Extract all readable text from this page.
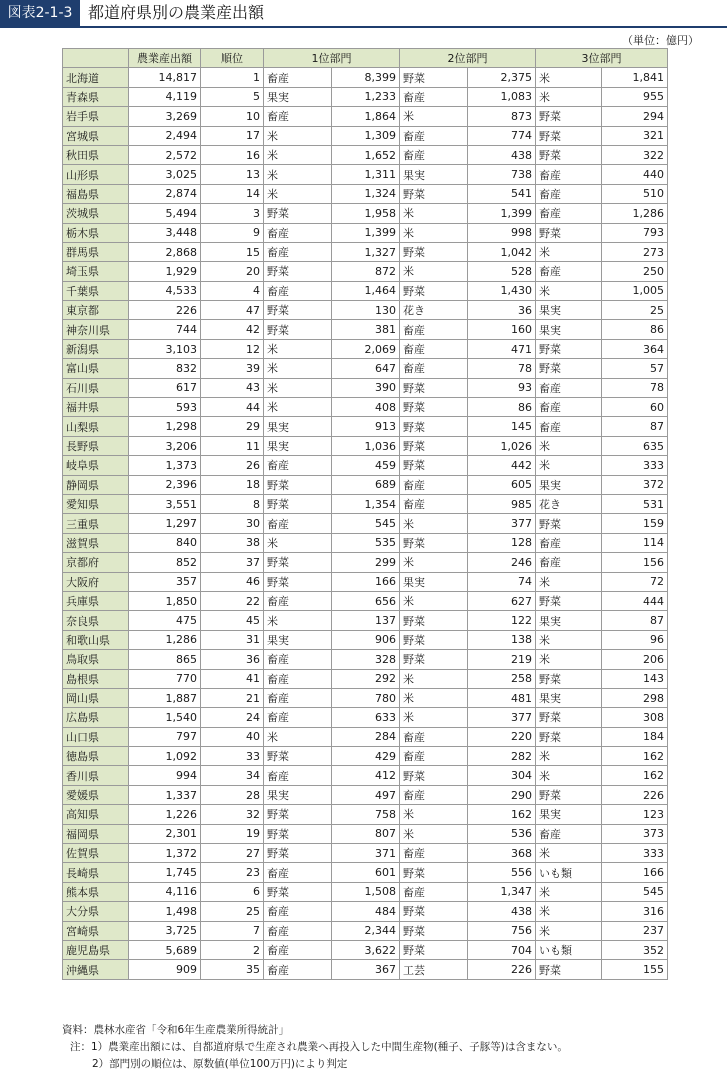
図表2-1-3 都道府県別の農業産出額
（単位：億円）
	農業産出額	順位	1位部門		2位部門		3位部門	
北海道	14,817	1	畜産	8,399	野菜	2,375	米	1,841
青森県	4,119	5	果実	1,233	畜産	1,083	米	955
岩手県	3,269	10	畜産	1,864	米	873	野菜	294
宮城県	2,494	17	米	1,309	畜産	774	野菜	321
秋田県	2,572	16	米	1,652	畜産	438	野菜	322
山形県	3,025	13	米	1,311	果実	738	畜産	440
福島県	2,874	14	米	1,324	野菜	541	畜産	510
茨城県	5,494	3	野菜	1,958	米	1,399	畜産	1,286
栃木県	3,448	9	畜産	1,399	米	998	野菜	793
群馬県	2,868	15	畜産	1,327	野菜	1,042	米	273
埼玉県	1,929	20	野菜	872	米	528	畜産	250
千葉県	4,533	4	畜産	1,464	野菜	1,430	米	1,005
東京都	226	47	野菜	130	花き	36	果実	25
神奈川県	744	42	野菜	381	畜産	160	果実	86
新潟県	3,103	12	米	2,069	畜産	471	野菜	364
富山県	832	39	米	647	畜産	78	野菜	57
石川県	617	43	米	390	野菜	93	畜産	78
福井県	593	44	米	408	野菜	86	畜産	60
山梨県	1,298	29	果実	913	野菜	145	畜産	87
長野県	3,206	11	果実	1,036	野菜	1,026	米	635
岐阜県	1,373	26	畜産	459	野菜	442	米	333
静岡県	2,396	18	野菜	689	畜産	605	果実	372
愛知県	3,551	8	野菜	1,354	畜産	985	花き	531
三重県	1,297	30	畜産	545	米	377	野菜	159
滋賀県	840	38	米	535	野菜	128	畜産	114
京都府	852	37	野菜	299	米	246	畜産	156
大阪府	357	46	野菜	166	果実	74	米	72
兵庫県	1,850	22	畜産	656	米	627	野菜	444
奈良県	475	45	米	137	野菜	122	果実	87
和歌山県	1,286	31	果実	906	野菜	138	米	96
鳥取県	865	36	畜産	328	野菜	219	米	206
島根県	770	41	畜産	292	米	258	野菜	143
岡山県	1,887	21	畜産	780	米	481	果実	298
広島県	1,540	24	畜産	633	米	377	野菜	308
山口県	797	40	米	284	畜産	220	野菜	184
徳島県	1,092	33	野菜	429	畜産	282	米	162
香川県	994	34	畜産	412	野菜	304	米	162
愛媛県	1,337	28	果実	497	畜産	290	野菜	226
高知県	1,226	32	野菜	758	米	162	果実	123
福岡県	2,301	19	野菜	807	米	536	畜産	373
佐賀県	1,372	27	野菜	371	畜産	368	米	333
長崎県	1,745	23	畜産	601	野菜	556	いも類	166
熊本県	4,116	6	野菜	1,508	畜産	1,347	米	545
大分県	1,498	25	畜産	484	野菜	438	米	316
宮崎県	3,725	7	畜産	2,344	野菜	756	米	237
鹿児島県	5,689	2	畜産	3,622	野菜	704	いも類	352
沖縄県	909	35	畜産	367	工芸	226	野菜	155
資料：農林水産省「令和6年生産農業所得統計」
注：1）農業産出額には、自都道府県で生産され農業へ再投入した中間生産物(種子、子豚等)は含まない。
2）部門別の順位は、原数値(単位100万円)により判定
